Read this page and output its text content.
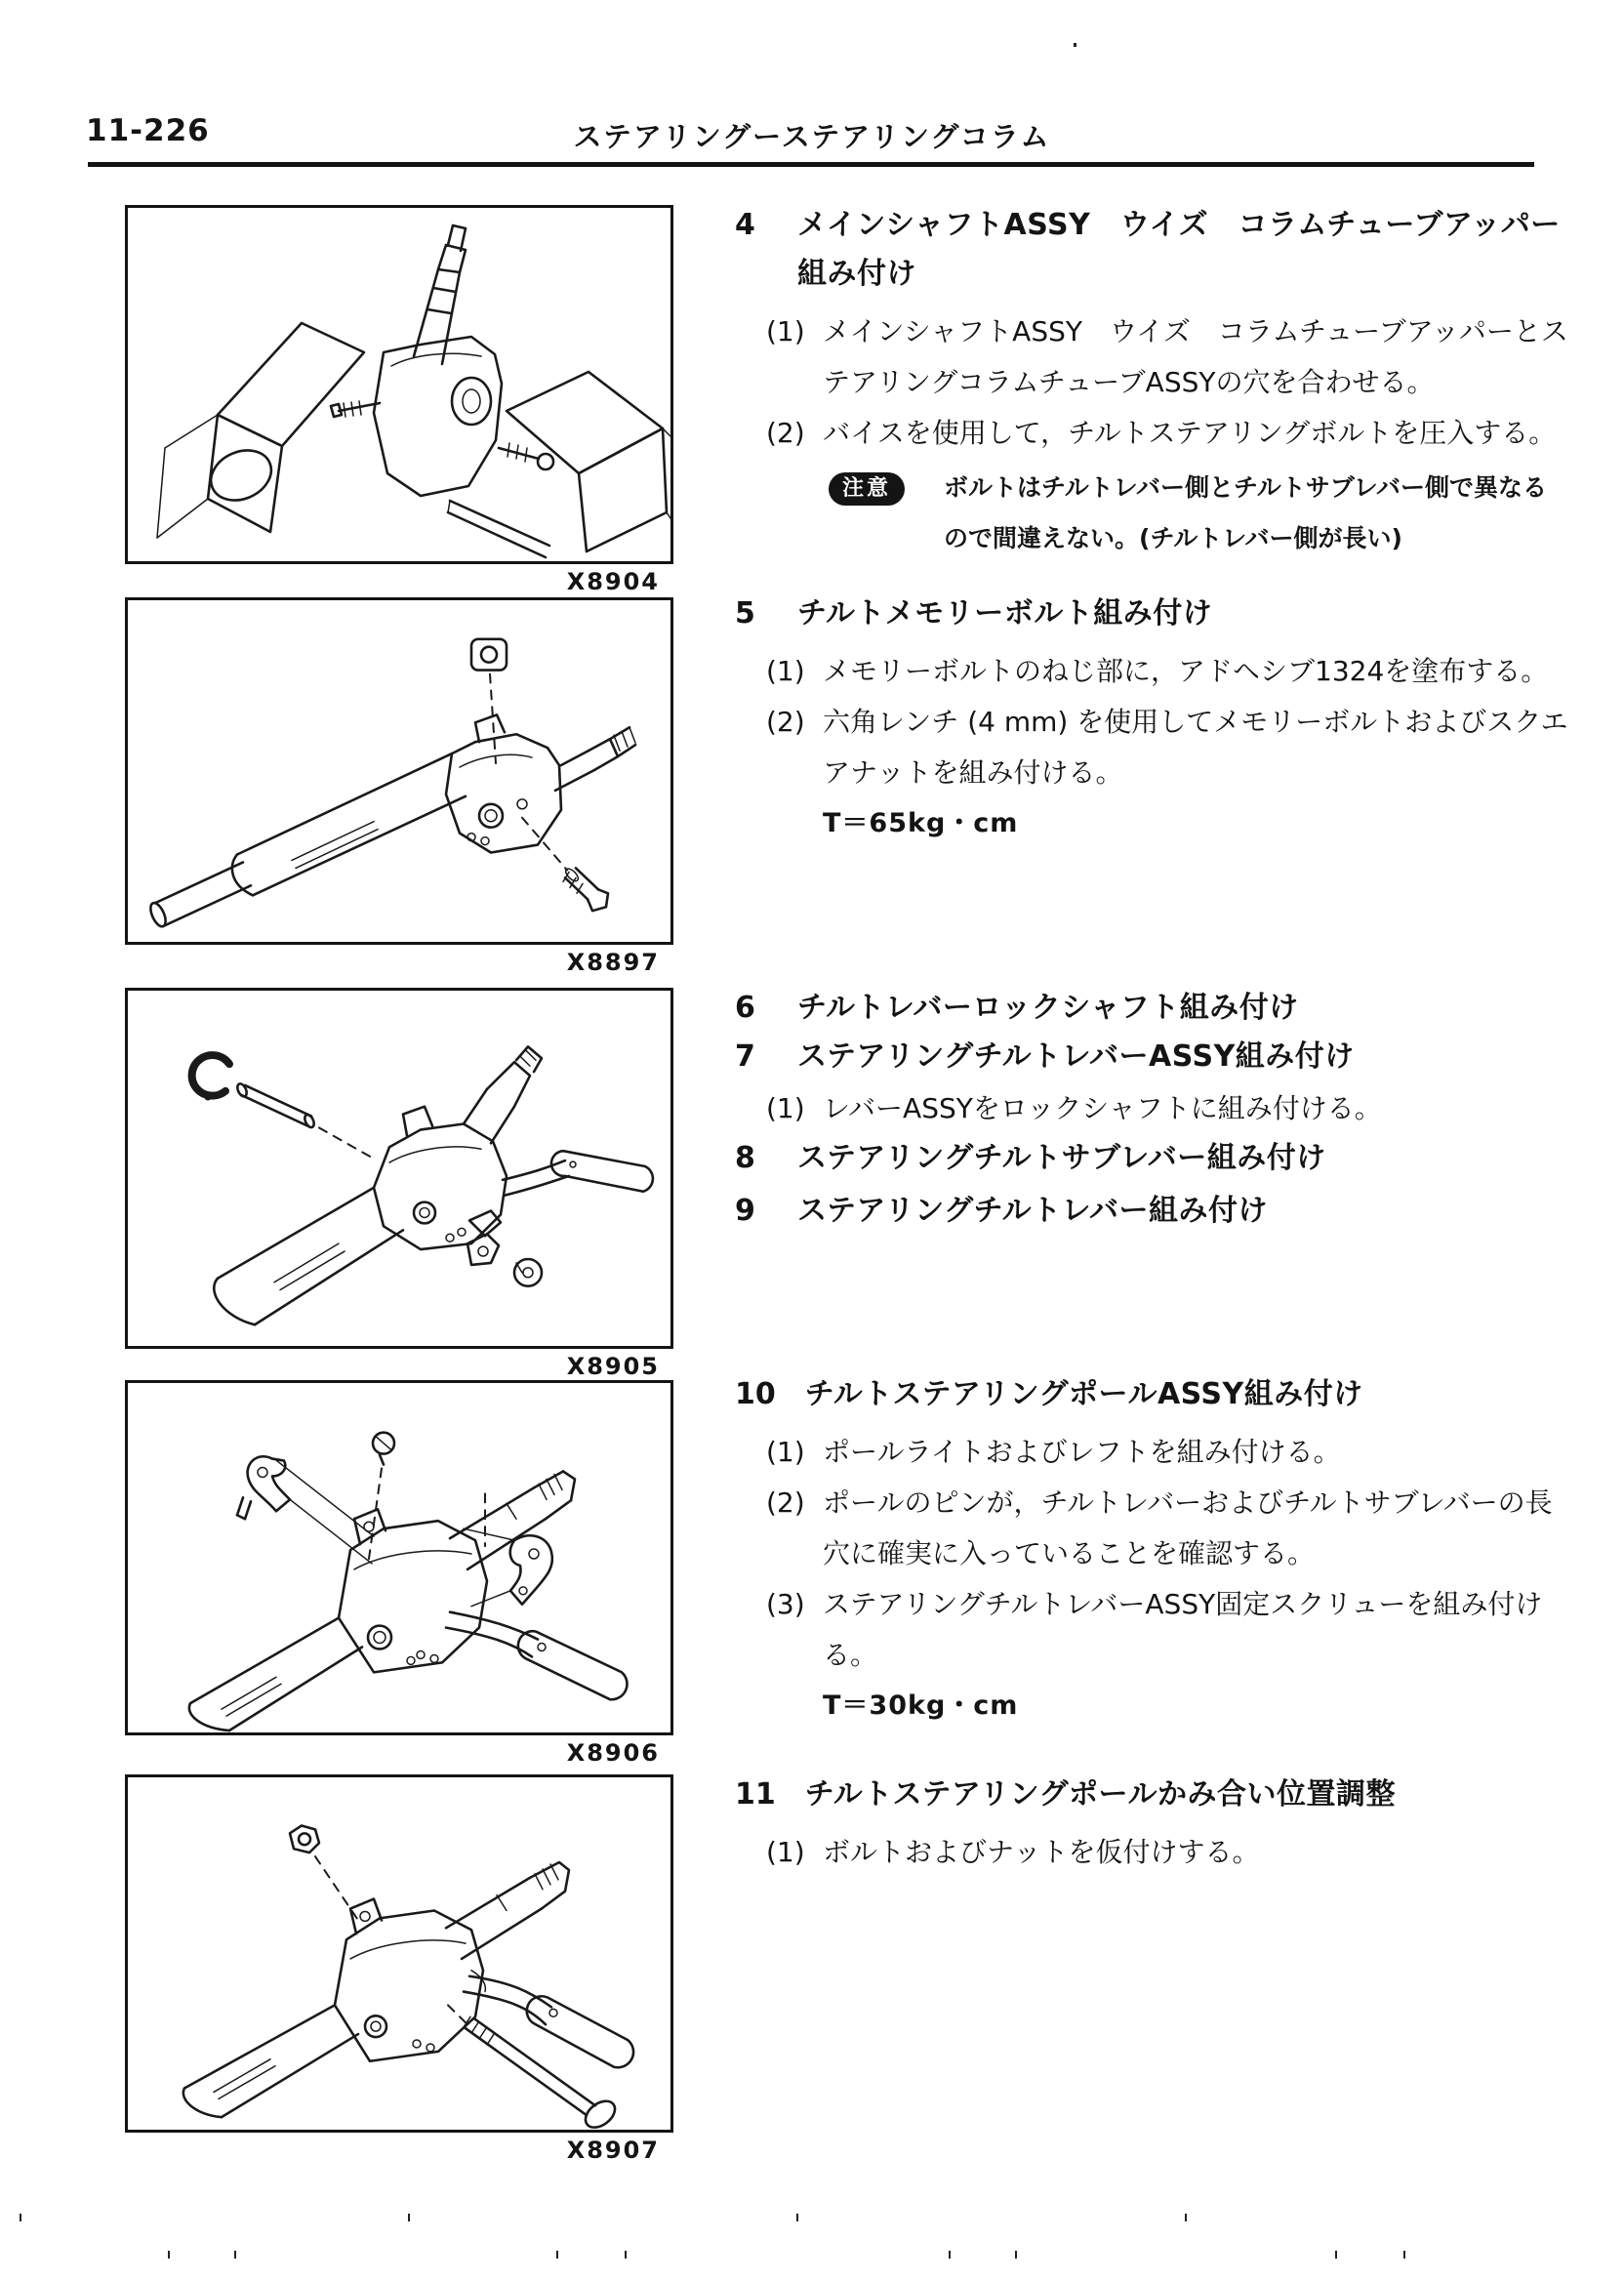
11-226	ステアリングーステアリングコラム
X8904
X8897
X8905
X8906
X8907
4	メインシャフトASSY　ウイズ　コラムチューブアッパー組み付け
(1) メインシャフトASSY　ウイズ　コラムチューブアッパーとステアリングコラムチューブASSYの穴を合わせる。
(2) バイスを使用して，チルトステアリングボルトを圧入する。
注意	ボルトはチルトレバー側とチルトサブレバー側で異なるので間違えない。(チルトレバー側が長い)
5	チルトメモリーボルト組み付け
(1) メモリーボルトのねじ部に，アドヘシブ1324を塗布する。
(2) 六角レンチ (4 mm) を使用してメモリーボルトおよびスクエアナットを組み付ける。
T＝65kg・cm
6	チルトレバーロックシャフト組み付け
7	ステアリングチルトレバーASSY組み付け
(1) レバーASSYをロックシャフトに組み付ける。
8	ステアリングチルトサブレバー組み付け
9	ステアリングチルトレバー組み付け
10 チルトステアリングポールASSY組み付け
(1) ポールライトおよびレフトを組み付ける。
(2) ポールのピンが，チルトレバーおよびチルトサブレバーの長穴に確実に入っていることを確認する。
(3) ステアリングチルトレバーASSY固定スクリューを組み付ける。
T＝30kg・cm
11 チルトステアリングポールかみ合い位置調整
(1) ボルトおよびナットを仮付けする。
